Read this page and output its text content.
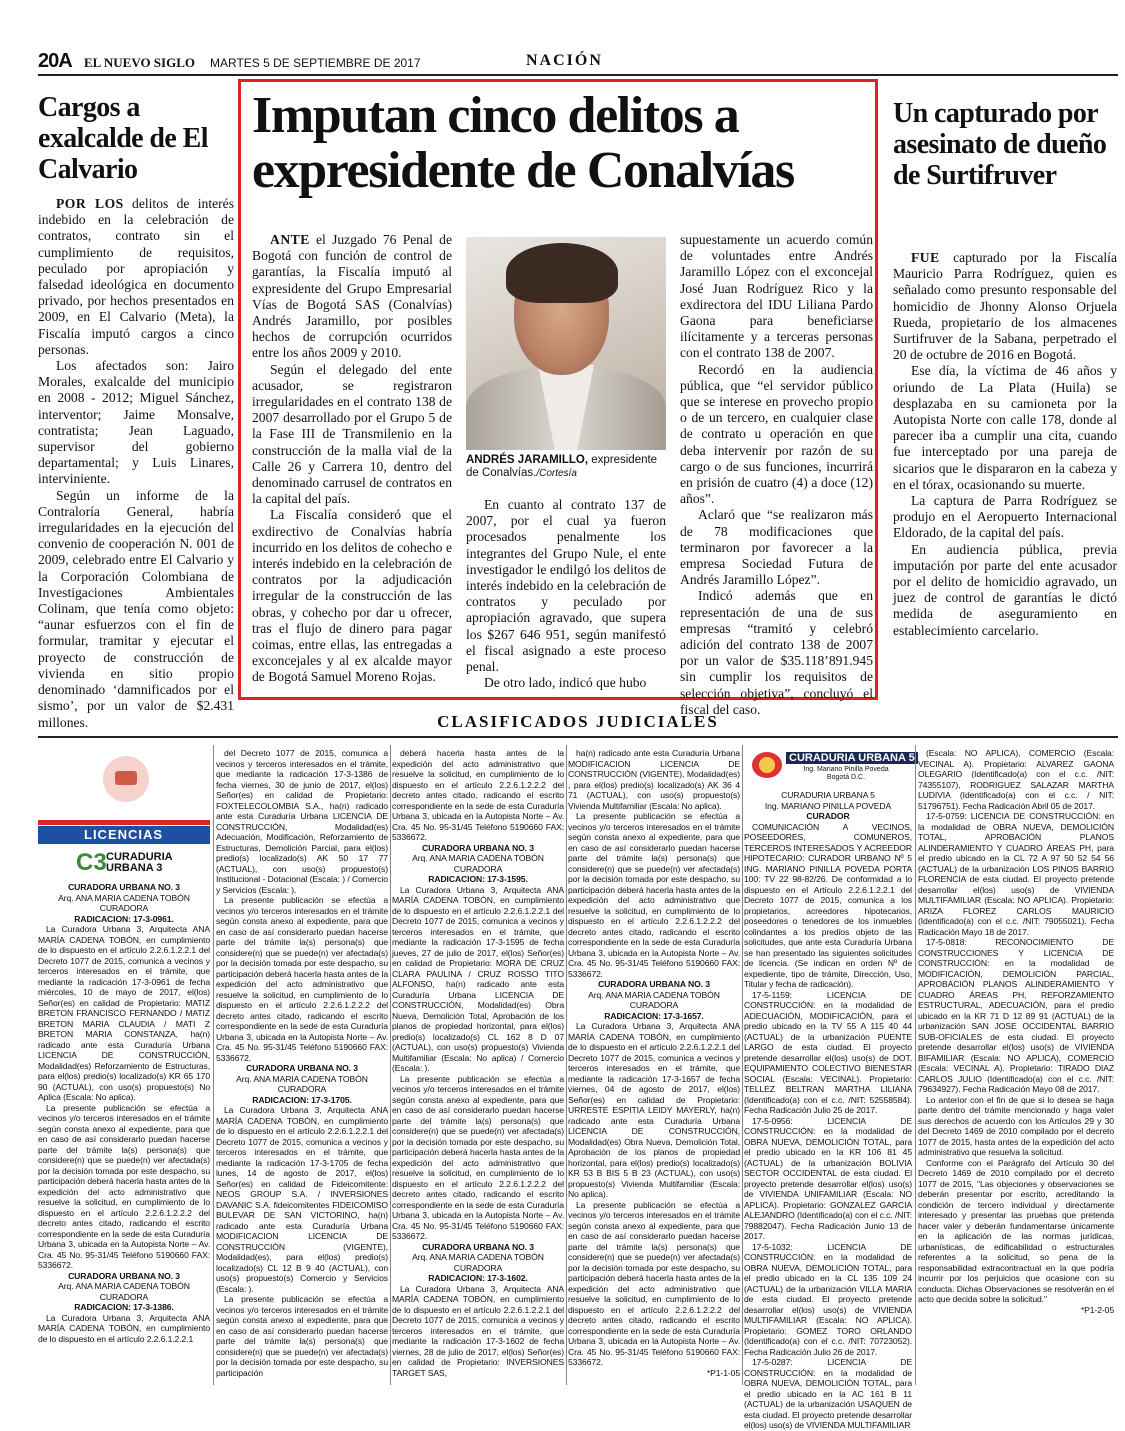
20A EL NUEVO SIGLO MARTES 5 DE SEPTIEMBRE DE 2017	NACIÓN
Cargos a exalcalde de El Calvario

POR LOS delitos de interés indebido en la celebración de contratos, contrato sin el cumplimiento de requisitos, peculado por apropiación y falsedad ideológica en documento privado, por hechos presentados en 2009, en El Calvario (Meta), la Fiscalía imputó cargos a cinco personas.

Los afectados son: Jairo Morales, exalcalde del municipio en 2008 - 2012; Miguel Sánchez, interventor; Jaime Monsalve, contratista; Jean Laguado, supervisor del gobierno departamental; y Luis Linares, interviniente.

Según un informe de la Contraloría General, habría irregularidades en la ejecución del convenio de cooperación N. 001 de 2009, celebrado entre El Calvario y la Corporación Colombiana de Investigaciones Ambientales Colinam, que tenía como objeto: “aunar esfuerzos con el fin de formular, tramitar y ejecutar el proyecto de construcción de vivienda en sitio propio denominado ‘damnificados por el sismo’, por un valor de $2.431 millones.

Imputan cinco delitos a expresidente de Conalvías

ANTE el Juzgado 76 Penal de Bogotá con función de control de garantías, la Fiscalía imputó al expresidente del Grupo Empresarial Vías de Bogotá SAS (Conalvías) Andrés Jaramillo, por posibles hechos de corrupción ocurridos entre los años 2009 y 2010.

Según el delegado del ente acusador, se registraron irregularidades en el contrato 138 de 2007 desarrollado por el Grupo 5 de la Fase III de Transmilenio en la construcción de la malla vial de la Calle 26 y Carrera 10, dentro del denominado carrusel de contratos en la capital del país.

La Fiscalía consideró que el exdirectivo de Conalvías habría incurrido en los delitos de cohecho e interés indebido en la celebración de contratos por la adjudicación irregular de la construcción de las obras, y cohecho por dar u ofrecer, tras el flujo de dinero para pagar coimas, entre ellas, las entregadas a exconcejales y al ex alcalde mayor de Bogotá Samuel Moreno Rojas.

ANDRÉS JARAMILLO, expresidente de Conalvías./Cortesía

En cuanto al contrato 137 de 2007, por el cual ya fueron procesados penalmente los integrantes del Grupo Nule, el ente investigador le endilgó los delitos de interés indebido en la celebración de contratos y peculado por apropiación agravado, que supera los $267 646 951, según manifestó el fiscal asignado a este proceso penal.

De otro lado, indicó que hubo

supuestamente un acuerdo común de voluntades entre Andrés Jaramillo López con el exconcejal José Juan Rodríguez Rico y la exdirectora del IDU Liliana Pardo Gaona para beneficiarse ilícitamente y a terceras personas con el contrato 138 de 2007.

Recordó en la audiencia pública, que “el servidor público que se interese en provecho propio o de un tercero, en cualquier clase de contrato u operación en que deba intervenir por razón de su cargo o de sus funciones, incurrirá en prisión de cuatro (4) a doce (12) años”.

Aclaró que “se realizaron más de 78 modificaciones que terminaron por favorecer a la empresa Sociedad Futura de Andrés Jaramillo López”.

Indicó además que en representación de una de sus empresas “tramitó y celebró adición del contrato 138 de 2007 por un valor de $35.118’891.945 sin cumplir los requisitos de selección objetiva”, concluyó el fiscal del caso.

Un capturado por asesinato de dueño de Surtifruver

FUE capturado por la Fiscalía Mauricio Parra Rodríguez, quien es señalado como presunto responsable del homicidio de Jhonny Alonso Orjuela Rueda, propietario de los almacenes Surtifruver de la Sabana, perpetrado el 20 de octubre de 2016 en Bogotá.

Ese día, la víctima de 46 años y oriundo de La Plata (Huila) se desplazaba en su camioneta por la Autopista Norte con calle 178, donde al parecer iba a cumplir una cita, cuando fue interceptado por una pareja de sicarios que le dispararon en la cabeza y en el tórax, ocasionando su muerte.

La captura de Parra Rodríguez se produjo en el Aeropuerto Internacional Eldorado, de la capital del país.

En audiencia pública, previa imputación por parte del ente acusador por el delito de homicidio agravado, un juez de control de garantías le dictó medida de aseguramiento en establecimiento carcelario.

CLASIFICADOS JUDICIALES
LICENCIAS
C3 CURADURIA
URBANA 3
CURADURIA URBANA 5
Ing. Mariano Pinilla Poveda
Bogotá D.C.
CURADORA URBANA NO. 3
Arq. ANA MARIA CADENA TOBÓN
CURADORA
RADICACION: 17-3-0961.

La Curadora Urbana 3, Arquitecta ANA MARÍA CADENA TOBÓN, en cumplimiento de lo dispuesto en el artículo 2.2.6.1.2.2.1 del Decreto 1077 de 2015, comunica a vecinos y terceros interesados en el trámite, que mediante la radicación 17-3-0961 de fecha miércoles, 10 de mayo de 2017, el(los) Señor(es) en calidad de Propietario: MATIZ BRETON FRANCISCO FERNANDO / MATIZ BRETON MARIA CLAUDIA / MATI Z BRETON MARIA CONSTANZA, ha(n) radicado ante esta Curaduría Urbana LICENCIA DE CONSTRUCCIÓN, Modalidad(es) Reforzamiento de Estructuras, para el(los) predio(s) localizado(s) KR 65 170 90 (ACTUAL), con uso(s) propuesto(s) No Aplica (Escala: No aplica).

La presente publicación se efectúa a vecinos y/o terceros interesados en el trámite según consta anexo al expediente, para que en caso de así considerarlo puedan hacerse parte del trámite la(s) persona(s) que considere(n) que se puede(n) ver afectada(s) por la decisión tomada por este despacho, su participación deberá hacerla hasta antes de la expedición del acto administrativo que resuelve la solicitud, en cumplimiento de lo dispuesto en el artículo 2.2.6.1.2.2.2 del decreto antes citado, radicando el escrito correspondiente en la sede de esta Curaduría Urbana 3, ubicada en la Autopista Norte – Av. Cra. 45 No. 95-31/45 Teléfono 5190660 FAX: 5336672.

CURADORA URBANA NO. 3
Arq. ANA MARIA CADENA TOBÓN
CURADORA
RADICACION: 17-3-1386.

La Curadora Urbana 3, Arquitecta ANA MARÍA CADENA TOBÓN, en cumplimiento de lo dispuesto en el artículo 2.2.6.1.2.2.1

del Decreto 1077 de 2015, comunica a vecinos y terceros interesados en el trámite, que mediante la radicación 17-3-1386 de fecha viernes, 30 de junio de 2017, el(los) Señor(es) en calidad de Propietario: FOXTELECOLOMBIA S.A., ha(n) radicado ante esta Curaduría Urbana LICENCIA DE CONSTRUCCIÓN, Modalidad(es) Adecuación, Modificación, Reforzamiento de Estructuras, Demolición Parcial, para el(los) predio(s) localizado(s) AK 50 17 77 (ACTUAL), con uso(s) propuesto(s) Institucional - Dotacional (Escala: ) / Comercio y Servicios (Escala: ).

La presente publicación se efectúa a vecinos y/o terceros interesados en el trámite según consta anexo al expediente, para que en caso de así considerarlo puedan hacerse parte del trámite la(s) persona(s) que considere(n) que se puede(n) ver afectada(s) por la decisión tomada por este despacho, su participación deberá hacerla hasta antes de la expedición del acto administrativo que resuelve la solicitud, en cumplimiento de lo dispuesto en el artículo 2.2.6.1.2.2.2 del decreto antes citado, radicando el escrito correspondiente en la sede de esta Curaduría Urbana 3, ubicada en la Autopista Norte – Av. Cra. 45 No. 95-31/45 Teléfono 5190660 FAX: 5336672.

CURADORA URBANA NO. 3
Arq. ANA MARIA CADENA TOBÓN
CURADORA
RADICACION: 17-3-1705.

La Curadora Urbana 3, Arquitecta ANA MARÍA CADENA TOBÓN, en cumplimiento de lo dispuesto en el artículo 2.2.6.1.2.2.1 del Decreto 1077 de 2015, comunica a vecinos y terceros interesados en el trámite, que mediante la radicación 17-3-1705 de fecha lunes, 14 de agosto de 2017, el(los) Señor(es) en calidad de Fideicomitente: NEOS GROUP S.A. / INVERSIONES DAVANIC S.A. fideicomitentes FIDEICOMISO BULEVAR DE SAN VICTORINO, ha(n) radicado ante esta Curaduría Urbana MODIFICACION LICENCIA DE CONSTRUCCIÓN (VIGENTE), Modalidad(es), para el(los) predio(s) localizado(s) CL 12 B 9 40 (ACTUAL), con uso(s) propuesto(s) Comercio y Servicios (Escala: ).

La presente publicación se efectúa a vecinos y/o terceros interesados en el trámite según consta anexo al expediente, para que en caso de así considerarlo puedan hacerse parte del trámite la(s) persona(s) que considere(n) que se puede(n) ver afectada(s) por la decisión tomada por este despacho, su participación

deberá hacerla hasta antes de la expedición del acto administrativo que resuelve la solicitud, en cumplimiento de lo dispuesto en el artículo 2.2.6.1.2.2.2 del decreto antes citado, radicando el escrito correspondiente en la sede de esta Curaduría Urbana 3, ubicada en la Autopista Norte – Av. Cra. 45 No. 95-31/45 Teléfono 5190660 FAX: 5336672.

CURADORA URBANA NO. 3
Arq. ANA MARIA CADENA TOBÓN
CURADORA
RADICACION: 17-3-1595.

La Curadora Urbana 3, Arquitecta ANA MARÍA CADENA TOBÓN, en cumplimiento de lo dispuesto en el artículo 2.2.6.1.2.2.1 del Decreto 1077 de 2015, comunica a vecinos y terceros interesados en el trámite, que mediante la radicación 17-3-1595 de fecha jueves, 27 de julio de 2017, el(los) Señor(es) en calidad de Propietario: MORA DE CRUZ CLARA PAULINA / CRUZ ROSSO TITO ALFONSO, ha(n) radicado ante esta Curaduría Urbana LICENCIA DE CONSTRUCCIÓN, Modalidad(es) Obra Nueva, Demolición Total, Aprobación de los planos de propiedad horizontal, para el(los) predio(s) localizado(s) CL 162 8 D 07 (ACTUAL), con uso(s) propuesto(s) Vivienda Multifamiliar (Escala: No aplica) / Comercio (Escala: ).

La presente publicación se efectúa a vecinos y/o terceros interesados en el trámite según consta anexo al expediente, para que en caso de así considerarlo puedan hacerse parte del trámite la(s) persona(s) que considere(n) que se puede(n) ver afectada(s) por la decisión tomada por este despacho, su participación deberá hacerla hasta antes de la expedición del acto administrativo que resuelve la solicitud, en cumplimiento de lo dispuesto en el artículo 2.2.6.1.2.2.2 del decreto antes citado, radicando el escrito correspondiente en la sede de esta Curaduría Urbana 3, ubicada en la Autopista Norte – Av. Cra. 45 No. 95-31/45 Teléfono 5190660 FAX: 5336672.

CURADORA URBANA NO. 3
Arq. ANA MARIA CADENA TOBÓN
CURADORA
RADICACION: 17-3-1602.

La Curadora Urbana 3, Arquitecta ANA MARÍA CADENA TOBÓN, en cumplimiento de lo dispuesto en el artículo 2.2.6.1.2.2.1 del Decreto 1077 de 2015, comunica a vecinos y terceros interesados en el trámite, que mediante la radicación 17-3-1602 de fecha viernes, 28 de julio de 2017, el(los) Señor(es) en calidad de Propietario: INVERSIONES TARGET SAS,

ha(n) radicado ante esta Curaduría Urbana MODIFICACION LICENCIA DE CONSTRUCCIÓN (VIGENTE), Modalidad(es) , para el(los) predio(s) localizado(s) AK 36 4 71 (ACTUAL), con uso(s) propuesto(s) Vivienda Multifamiliar (Escala: No aplica).

La presente publicación se efectúa a vecinos y/o terceros interesados en el trámite según consta anexo al expediente, para que en caso de así considerarlo puedan hacerse parte del trámite la(s) persona(s) que considere(n) que se puede(n) ver afectada(s) por la decisión tomada por este despacho, su participación deberá hacerla hasta antes de la expedición del acto administrativo que resuelve la solicitud, en cumplimiento de lo dispuesto en el artículo 2.2.6.1.2.2.2 del decreto antes citado, radicando el escrito correspondiente en la sede de esta Curaduría Urbana 3, ubicada en la Autopista Norte – Av. Cra. 45 No. 95-31/45 Teléfono 5190660 FAX: 5336672.

CURADORA URBANA NO. 3
Arq. ANA MARIA CADENA TOBÓN
CURADORA
RADICACION: 17-3-1657.

La Curadora Urbana 3, Arquitecta ANA MARÍA CADENA TOBÓN, en cumplimiento de lo dispuesto en el artículo 2.2.6.1.2.2.1 del Decreto 1077 de 2015, comunica a vecinos y terceros interesados en el trámite, que mediante la radicación 17-3-1657 de fecha viernes, 04 de agosto de 2017, el(los) Señor(es) en calidad de Propietario: URRESTE ESPITIA LEIDY MAYERLY, ha(n) radicado ante esta Curaduría Urbana LICENCIA DE CONSTRUCCIÓN, Modalidad(es) Obra Nueva, Demolición Total, Aprobación de los planos de propiedad horizontal, para el(los) predio(s) localizado(s) KR 53 B BIS 5 B 23 (ACTUAL), con uso(s) propuesto(s) Vivienda Multifamiliar (Escala: No aplica).

La presente publicación se efectúa a vecinos y/o terceros interesados en el trámite según consta anexo al expediente, para que en caso de así considerarlo puedan hacerse parte del trámite la(s) persona(s) que considere(n) que se puede(n) ver afectada(s) por la decisión tomada por este despacho, su participación deberá hacerla hasta antes de la expedición del acto administrativo que resuelve la solicitud, en cumplimiento de lo dispuesto en el artículo 2.2.6.1.2.2.2 del decreto antes citado, radicando el escrito correspondiente en la sede de esta Curaduría Urbana 3, ubicada en la Autopista Norte – Av. Cra. 45 No. 95-31/45 Teléfono 5190660 FAX: 5336672.

*P1-1-05
CURADURIA URBANA 5
Ing. MARIANO PINILLA POVEDA
CURADOR

COMUNICACIÓN A VECINOS, POSEEDORES, COMUNEROS, TERCEROS INTERESADOS Y ACREEDOR HIPOTECARIO: CURADOR URBANO Nº 5 ING. MARIANO PINILLA POVEDA PORTA 100: TV 22 98-82/26. De conformidad a lo dispuesto en el Artículo 2.2.6.1.2.2.1 del Decreto 1077 de 2015, comunica a los propietarios, acreedores hipotecarios, poseedores o tenedores de los inmuebles colindantes a los predios objeto de las solicitudes, que ante esta Curaduría Urbana se han presentado las siguientes solicitudes de licencia. (Se indican en orden Nº de expediente, tipo de trámite, Dirección, Uso, Titular y fecha de radicación).

17-5-1159: LICENCIA DE CONSTRUCCIÓN: en la modalidad de ADECUACIÓN, MODIFICACIÓN, para el predio ubicado en la TV 55 A 115 40 44 (ACTUAL) de la urbanización PUENTE LARGO de esta ciudad. El proyecto pretende desarrollar el(los) uso(s) de DOT. EQUIPAMIENTO COLECTIVO BIENESTAR SOCIAL (Escala: VECINAL). Propietario: TELLEZ BELTRAN MARTHA LILIANA (Identificado(a) con el c.c. /NIT: 52558584). Fecha Radicación Julio 25 de 2017.

17-5-0956: LICENCIA DE CONSTRUCCIÓN: en la modalidad de OBRA NUEVA, DEMOLICIÓN TOTAL, para el predio ubicado en la KR 106 81 45 (ACTUAL) de la urbanización BOLIVIA SECTOR OCCIDENTAL de esta ciudad. El proyecto pretende desarrollar el(los) uso(s) de VIVIENDA UNIFAMILIAR (Escala: NO APLICA). Propietario: GONZALEZ GARCIA ALEJANDRO (Identificado(a) con el c.c. /NIT: 79882047). Fecha Radicación Junio 13 de 2017.

17-5-1032: LICENCIA DE CONSTRUCCIÓN: en la modalidad de OBRA NUEVA, DEMOLICIÓN TOTAL, para el predio ubicado en la CL 135 109 24 (ACTUAL) de la urbanización VILLA MARIA de esta ciudad. El proyecto pretende desarrollar el(los) uso(s) de VIVIENDA MULTIFAMILIAR (Escala: NO APLICA). Propietario: GOMEZ TORO ORLANDO (Identificado(a) con el c.c. /NIT: 70723052). Fecha Radicación Julio 26 de 2017.

17-5-0287: LICENCIA DE CONSTRUCCIÓN: en la modalidad de OBRA NUEVA, DEMOLICIÓN TOTAL, para el predio ubicado en la AC 161 B 11 (ACTUAL) de la urbanización USAQUEN de esta ciudad. El proyecto pretende desarrollar el(los) uso(s) de VIVIENDA MULTIFAMILIAR

(Escala: NO APLICA), COMERCIO (Escala: VECINAL A). Propietario: ALVAREZ GAONA OLEGARIO (Identificado(a) con el c.c. /NIT: 74355107), RODRIGUEZ SALAZAR MARTHA LUDIVIA (Identificado(a) con el c.c. / NIT: 51796751). Fecha Radicación Abril 05 de 2017.

17-5-0759: LICENCIA DE CONSTRUCCIÓN: en la modalidad de OBRA NUEVA, DEMOLICIÓN TOTAL, APROBACIÓN PLANOS ALINDERAMIENTO Y CUADRO ÁREAS PH, para el predio ubicado en la CL 72 A 97 50 52 54 56 (ACTUAL) de la urbanización LOS PINOS BARRIO FLORENCIA de esta ciudad. El proyecto pretende desarrollar el(los) uso(s) de VIVIENDA MULTIFAMILIAR (Escala: NO APLICA). Propietario: ARIZA FLOREZ CARLOS MAURICIO (Identificado(a) con el c.c. /NIT: 79055021). Fecha Radicación Mayo 18 de 2017.

17-5-0818: RECONOCIMIENTO DE CONSTRUCCIONES Y LICENCIA DE CONSTRUCCIÓN: en la modalidad de MODIFICACIÓN, DEMOLICIÓN PARCIAL, APROBACIÓN PLANOS ALINDERAMIENTO Y CUADRO ÁREAS PH, REFORZAMIENTO ESTRUCTURAL, ADECUACIÓN, para el predio ubicado en la KR 71 D 12 89 91 (ACTUAL) de la urbanización SAN JOSE OCCIDENTAL BARRIO SUB-OFICIALES de esta ciudad. El proyecto pretende desarrollar el(los) uso(s) de VIVIENDA BIFAMILIAR (Escala: NO APLICA), COMERCIO (Escala: VECINAL A). Propietario: TIRADO DIAZ CARLOS JULIO (Identificado(a) con el c.c. /NIT: 79634927). Fecha Radicación Mayo 08 de 2017.

Lo anterior con el fin de que si lo desea se haga parte dentro del trámite mencionado y haga valer sus derechos de acuerdo con los Artículos 29 y 30 del Decreto 1469 de 2010 compilado por el decreto 1077 de 2015, hasta antes de la expedición del acto administrativo que resuelva la solicitud.

Conforme con el Parágrafo del Artículo 30 del Decreto 1469 de 2010 compilado por el decreto 1077 de 2015, "Las objeciones y observaciones se deberán presentar por escrito, acreditando la condición de tercero individual y directamente interesado y presentar las pruebas que pretenda hacer valer y deberán fundamentarse únicamente en la aplicación de las normas jurídicas, urbanísticas, de edificabilidad o estructurales referentes a la solicitud, so pena de la responsabilidad extracontractual en la que podría incurrir por los perjuicios que ocasione con su conducta. Dichas Observaciones se resolverán en el acto que decida sobre la solicitud."

*P1-2-05
